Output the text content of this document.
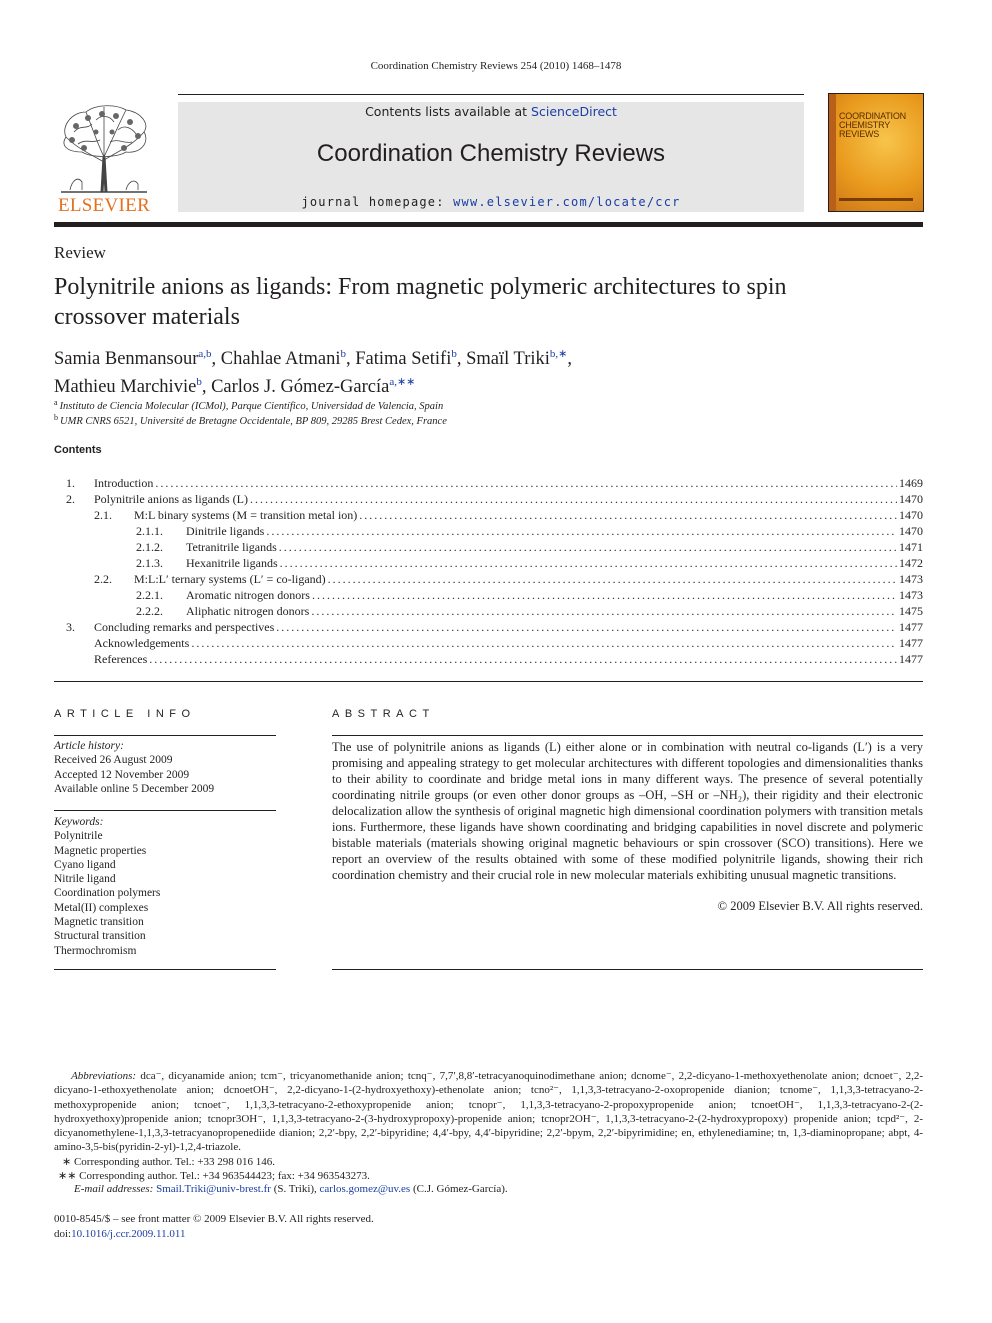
Coordination Chemistry Reviews 254 (2010) 1468–1478
ELSEVIER
Contents lists available at ScienceDirect
Coordination Chemistry Reviews
journal homepage: www.elsevier.com/locate/ccr
COORDINATION CHEMISTRY REVIEWS
Review
Polynitrile anions as ligands: From magnetic polymeric architectures to spin crossover materials
Samia Benmansour$^{a,b}$, Chahlae Atmani$^b$, Fatima Setifi$^b$, Smaïl Triki$^{b,∗}$,
Mathieu Marchivie$^b$, Carlos J. Gómez-García$^{a,∗∗}$
$^a$ Instituto de Ciencia Molecular (ICMol), Parque Científico, Universidad de Valencia, Spain
$^b$ UMR CNRS 6521, Université de Bretagne Occidentale, BP 809, 29285 Brest Cedex, France
Contents
1. Introduction .....	1469
2. Polynitrile anions as ligands (L) .....	1470
2.1. M:L binary systems (M = transition metal ion) .....	1470
2.1.1. Dinitrile ligands .....	1470
2.1.2. Tetranitrile ligands .....	1471
2.1.3. Hexanitrile ligands .....	1472
2.2. M:L:L′ ternary systems (L′ = co-ligand) .....	1473
2.2.1. Aromatic nitrogen donors .....	1473
2.2.2. Aliphatic nitrogen donors .....	1475
3. Concluding remarks and perspectives .....	1477
Acknowledgements .....	1477
References .....	1477
ARTICLE INFO	ABSTRACT
Article history:
Received 26 August 2009
Accepted 12 November 2009
Available online 5 December 2009
Keywords:
Polynitrile
Magnetic properties
Cyano ligand
Nitrile ligand
Coordination polymers
Metal(II) complexes
Magnetic transition
Structural transition
Thermochromism
The use of polynitrile anions as ligands (L) either alone or in combination with neutral co-ligands (L′) is a very promising and appealing strategy to get molecular architectures with different topologies and dimensionalities thanks to their ability to coordinate and bridge metal ions in many different ways. The presence of several potentially coordinating nitrile groups (or even other donor groups as –OH, –SH or –NH₂), their rigidity and their electronic delocalization allow the synthesis of original magnetic high dimensional coordination polymers with transition metals ions. Furthermore, these ligands have shown coordinating and bridging capabilities in novel discrete and polymeric bistable materials (materials showing original magnetic behaviours or spin crossover (SCO) transitions). Here we report an overview of the results obtained with some of these modified polynitrile ligands, showing their rich coordination chemistry and their crucial role in new molecular materials exhibiting unusual magnetic transitions.
© 2009 Elsevier B.V. All rights reserved.
Abbreviations: dca⁻, dicyanamide anion; tcm⁻, tricyanomethanide anion; tcnq⁻, 7,7′,8,8′-tetracyanoquinodimethane anion; dcnome⁻, 2,2-dicyano-1-methoxyethenolate anion; dcnoet⁻, 2,2-dicyano-1-ethoxyethenolate anion; dcnoetOH⁻, 2,2-dicyano-1-(2-hydroxyethoxy)-ethenolate anion; tcno²⁻, 1,1,3,3-tetracyano-2-oxopropenide dianion; tcnome⁻, 1,1,3,3-tetracyano-2-methoxypropenide anion; tcnoet⁻, 1,1,3,3-tetracyano-2-ethoxypropenide anion; tcnopr⁻, 1,1,3,3-tetracyano-2-propoxypropenide anion; tcnoetOH⁻, 1,1,3,3-tetracyano-2-(2-hydroxyethoxy)propenide anion; tcnopr3OH⁻, 1,1,3,3-tetracyano-2-(3-hydroxypropoxy)-propenide anion; tcnopr2OH⁻, 1,1,3,3-tetracyano-2-(2-hydroxypropoxy) propenide anion; tcpd²⁻, 2-dicyanomethylene-1,1,3,3-tetracyanopropenediide dianion; 2,2′-bpy, 2,2′-bipyridine; 4,4′-bpy, 4,4′-bipyridine; 2,2′-bpym, 2,2′-bipyrimidine; en, ethylenediamine; tn, 1,3-diaminopropane; abpt, 4-amino-3,5-bis(pyridin-2-yl)-1,2,4-triazole.
∗ Corresponding author. Tel.: +33 298 016 146.
∗∗ Corresponding author. Tel.: +34 963544423; fax: +34 963543273.
E-mail addresses: Smail.Triki@univ-brest.fr (S. Triki), carlos.gomez@uv.es (C.J. Gómez-García).
0010-8545/$ – see front matter © 2009 Elsevier B.V. All rights reserved.
doi:10.1016/j.ccr.2009.11.011
